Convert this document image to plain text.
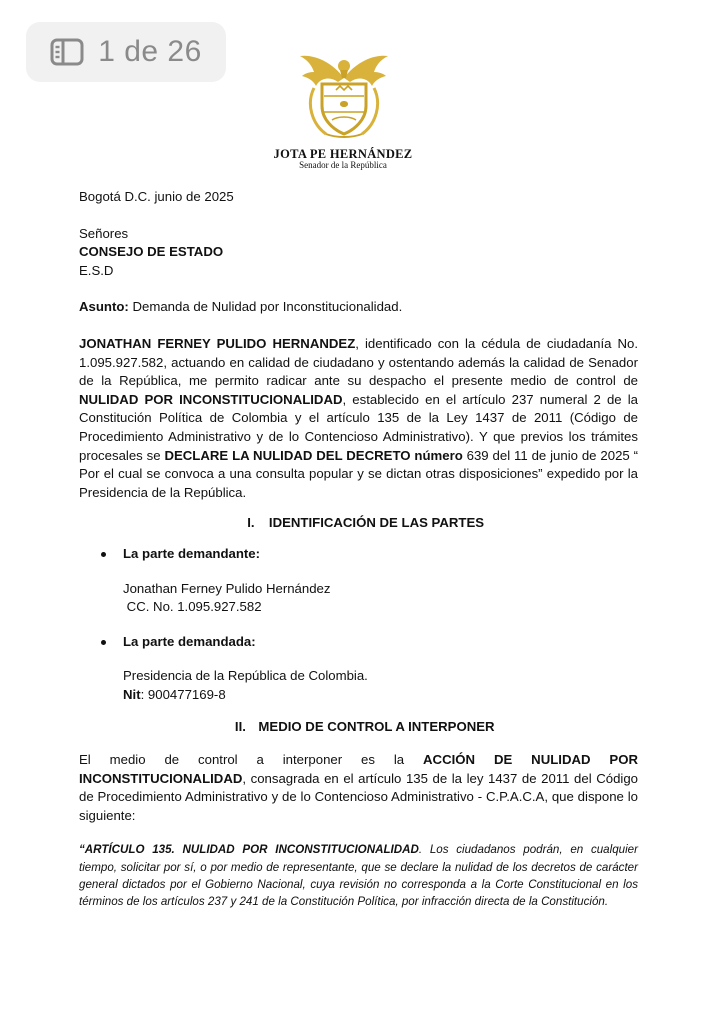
1 de 26
JOTA PE HERNÁNDEZ
Senador de la República

Bogotá D.C. junio de 2025

Señores

CONSEJO DE ESTADO

E.S.D

Asunto: Demanda de Nulidad por Inconstitucionalidad.

JONATHAN FERNEY PULIDO HERNANDEZ, identificado con la cédula de ciudadanía No. 1.095.927.582, actuando en calidad de ciudadano y ostentando además la calidad de Senador de la República, me permito radicar ante su despacho el presente medio de control de NULIDAD POR INCONSTITUCIONALIDAD, establecido en el artículo 237 numeral 2 de la Constitución Política de Colombia y el artículo 135 de la Ley 1437 de 2011 (Código de Procedimiento Administrativo y de lo Contencioso Administrativo). Y que previos los trámites procesales se DECLARE LA NULIDAD DEL DECRETO número 639 del 11 de junio de 2025 “ Por el cual se convoca a una consulta popular y se dictan otras disposiciones” expedido por la Presidencia de la República.

I. IDENTIFICACIÓN DE LAS PARTES

La parte demandante:

Jonathan Ferney Pulido Hernández

CC. No. 1.095.927.582

La parte demandada:

Presidencia de la República de Colombia.

Nit: 900477169-8

II. MEDIO DE CONTROL A INTERPONER

El medio de control a interponer es la ACCIÓN DE NULIDAD POR INCONSTITUCIONALIDAD, consagrada en el artículo 135 de la ley 1437 de 2011 del Código de Procedimiento Administrativo y de lo Contencioso Administrativo - C.P.A.C.A, que dispone lo siguiente:

“ARTÍCULO 135. NULIDAD POR INCONSTITUCIONALIDAD. Los ciudadanos podrán, en cualquier tiempo, solicitar por sí, o por medio de representante, que se declare la nulidad de los decretos de carácter general dictados por el Gobierno Nacional, cuya revisión no corresponda a la Corte Constitucional en los términos de los artículos 237 y 241 de la Constitución Política, por infracción directa de la Constitución.
